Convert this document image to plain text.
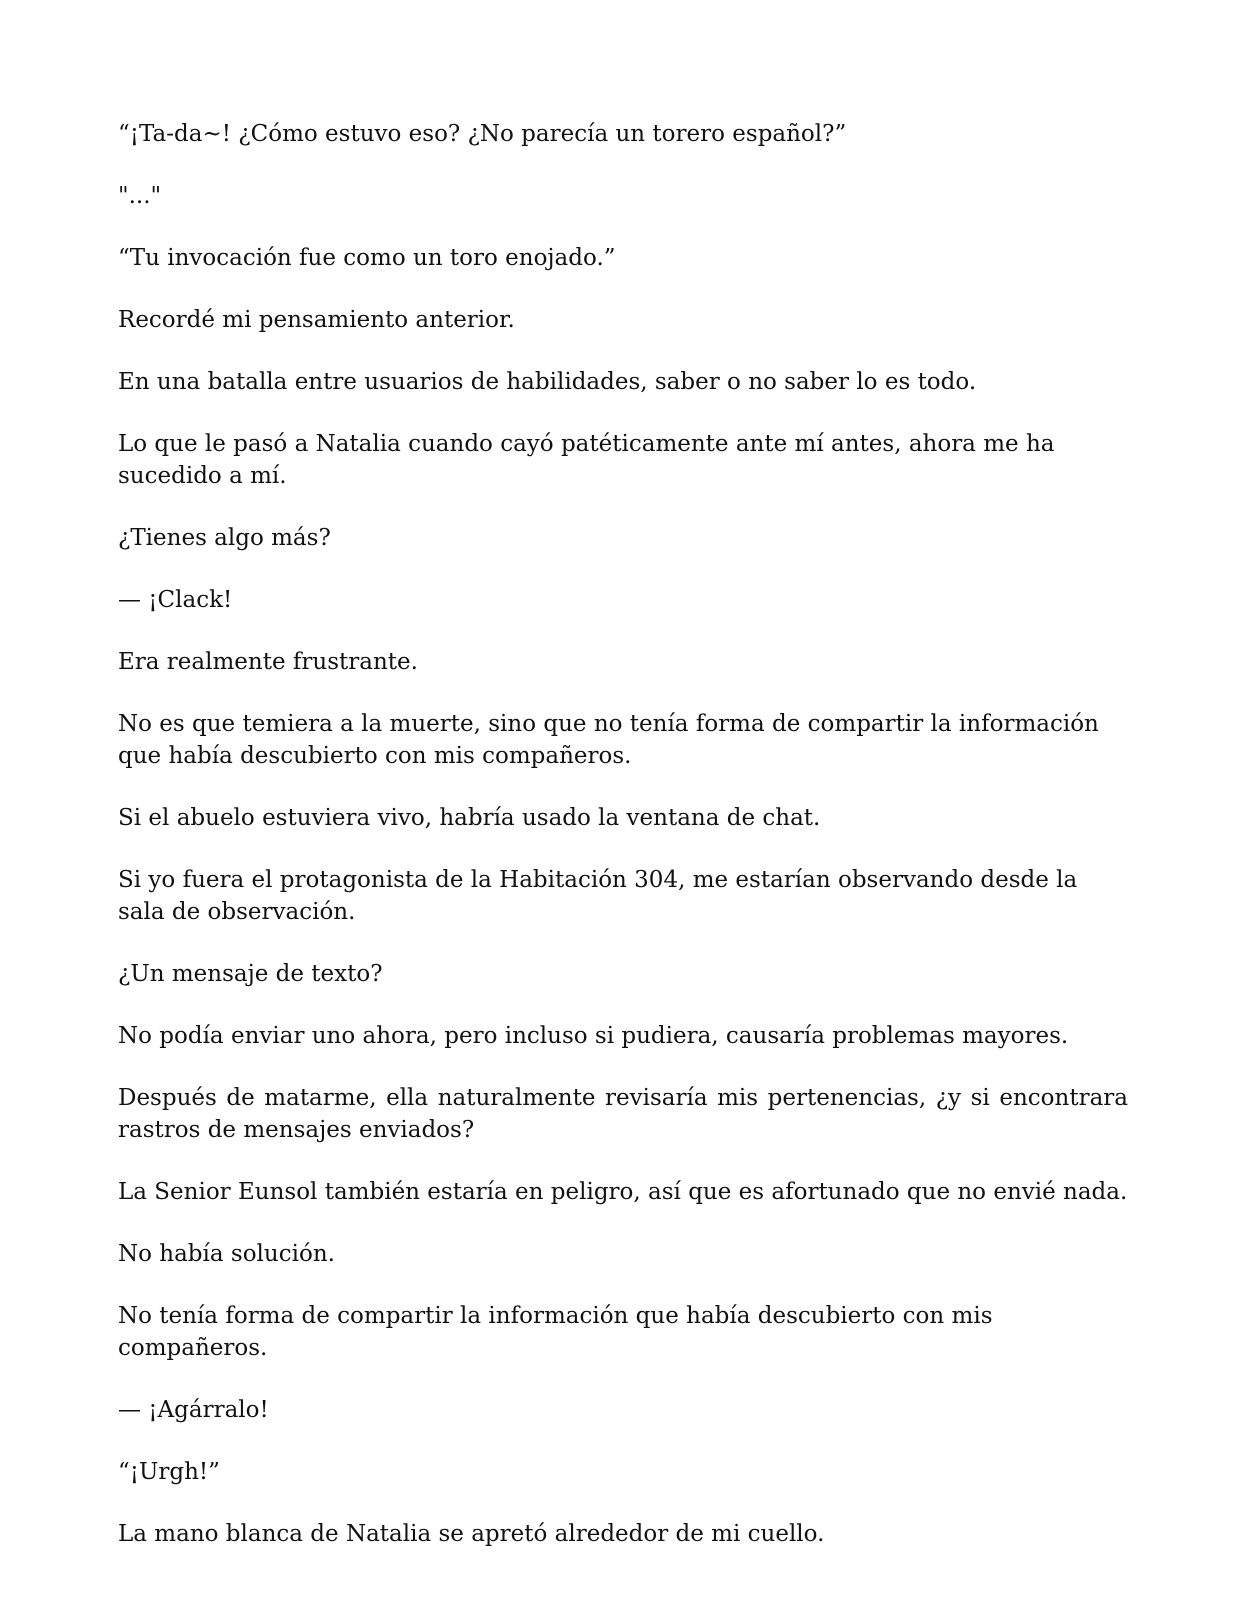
“¡Ta-da~! ¿Cómo estuvo eso? ¿No parecía un torero español?”

"..."

“Tu invocación fue como un toro enojado.”

Recordé mi pensamiento anterior.

En una batalla entre usuarios de habilidades, saber o no saber lo es todo.

Lo que le pasó a Natalia cuando cayó patéticamente ante mí antes, ahora me ha sucedido a mí.

¿Tienes algo más?

— ¡Clack!

Era realmente frustrante.

No es que temiera a la muerte, sino que no tenía forma de compartir la información que había descubierto con mis compañeros.

Si el abuelo estuviera vivo, habría usado la ventana de chat.

Si yo fuera el protagonista de la Habitación 304, me estarían observando desde la sala de observación.

¿Un mensaje de texto?

No podía enviar uno ahora, pero incluso si pudiera, causaría problemas mayores.

Después de matarme, ella naturalmente revisaría mis pertenencias, ¿y si encontrara rastros de mensajes enviados?

La Senior Eunsol también estaría en peligro, así que es afortunado que no envié nada.

No había solución.

No tenía forma de compartir la información que había descubierto con mis compañeros.

— ¡Agárralo!

“¡Urgh!”

La mano blanca de Natalia se apretó alrededor de mi cuello.
